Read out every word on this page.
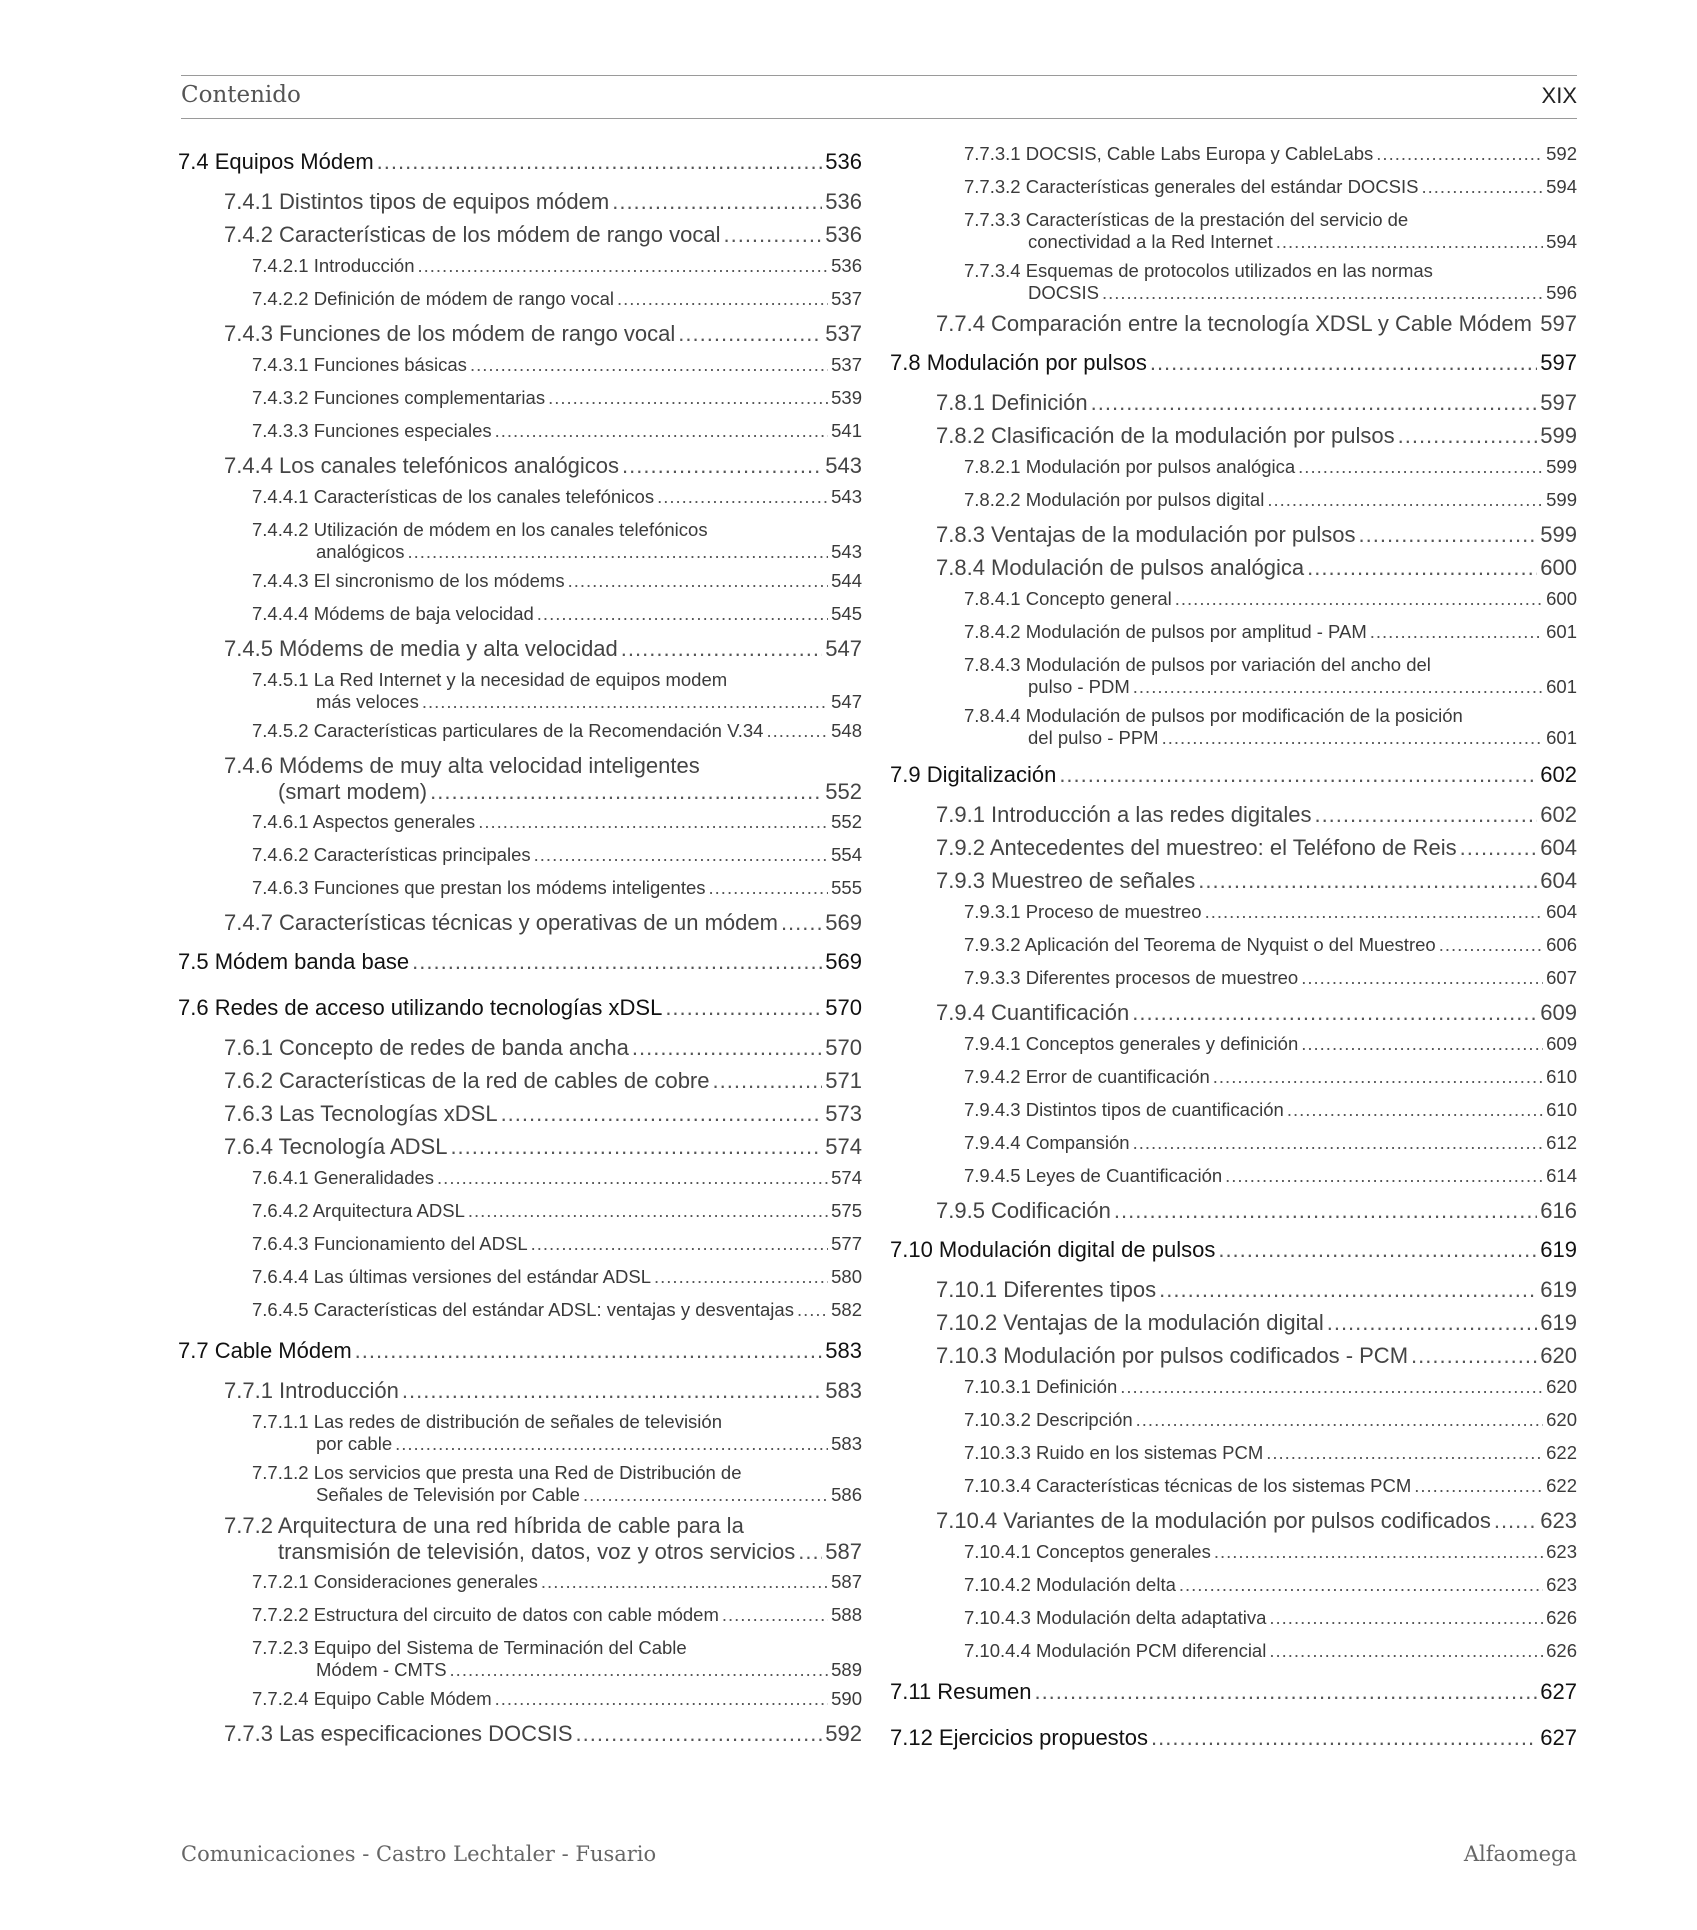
Contenido	XIX
7.4 Equipos Módem .....	536
7.4.1 Distintos tipos de equipos módem .....	536
7.4.2 Características de los módem de rango vocal .....	536
7.4.2.1 Introducción .....	536
7.4.2.2 Definición de módem de rango vocal .....	537
7.4.3 Funciones de los módem de rango vocal .....	537
7.4.3.1 Funciones básicas .....	537
7.4.3.2 Funciones complementarias .....	539
7.4.3.3 Funciones especiales .....	541
7.4.4 Los canales telefónicos analógicos .....	543
7.4.4.1 Características de los canales telefónicos .....	543
7.4.4.2 Utilización de módem en los canales telefónicos
analógicos .....	543
7.4.4.3 El sincronismo de los módems .....	544
7.4.4.4 Módems de baja velocidad .....	545
7.4.5 Módems de media y alta velocidad .....	547
7.4.5.1 La Red Internet y la necesidad de equipos modem
más veloces .....	547
7.4.5.2 Características particulares de la Recomendación V.34 .....	548
7.4.6 Módems de muy alta velocidad inteligentes
(smart modem) .....	552
7.4.6.1 Aspectos generales .....	552
7.4.6.2 Características principales .....	554
7.4.6.3 Funciones que prestan los módems inteligentes .....	555
7.4.7 Características técnicas y operativas de un módem ..... 569
7.5 Módem banda base .....	569
7.6 Redes de acceso utilizando tecnologías xDSL .....	570
7.6.1 Concepto de redes de banda ancha .....	570
7.6.2 Características de la red de cables de cobre .....	571
7.6.3 Las Tecnologías xDSL .....	573
7.6.4 Tecnología ADSL .....	574
7.6.4.1 Generalidades .....	574
7.6.4.2 Arquitectura ADSL .....	575
7.6.4.3 Funcionamiento del ADSL .....	577
7.6.4.4 Las últimas versiones del estándar ADSL .....	580
7.6.4.5 Características del estándar ADSL: ventajas y desventajas ..... 582
7.7 Cable Módem .....	583
7.7.1 Introducción .....	583
7.7.1.1 Las redes de distribución de señales de televisión
por cable .....	583
7.7.1.2 Los servicios que presta una Red de Distribución de
Señales de Televisión por Cable .....	586
7.7.2 Arquitectura de una red híbrida de cable para la
transmisión de televisión, datos, voz y otros servicios ..... 587
7.7.2.1 Consideraciones generales .....	587
7.7.2.2 Estructura del circuito de datos con cable módem .....	588
7.7.2.3 Equipo del Sistema de Terminación del Cable
Módem - CMTS .....	589
7.7.2.4 Equipo Cable Módem .....	590
7.7.3 Las especificaciones DOCSIS .....	592
7.7.3.1 DOCSIS, Cable Labs Europa y CableLabs .....	592
7.7.3.2 Características generales del estándar DOCSIS .....	594
7.7.3.3 Características de la prestación del servicio de
conectividad a la Red Internet .....	594
7.7.3.4 Esquemas de protocolos utilizados en las normas
DOCSIS .....	596
7.7.4 Comparación entre la tecnología XDSL y Cable Módem ..... 597
7.8 Modulación por pulsos .....	597
7.8.1 Definición .....	597
7.8.2 Clasificación de la modulación por pulsos .....	599
7.8.2.1 Modulación por pulsos analógica .....	599
7.8.2.2 Modulación por pulsos digital .....	599
7.8.3 Ventajas de la modulación por pulsos .....	599
7.8.4 Modulación de pulsos analógica .....	600
7.8.4.1 Concepto general .....	600
7.8.4.2 Modulación de pulsos por amplitud - PAM .....	601
7.8.4.3 Modulación de pulsos por variación del ancho del
pulso - PDM .....	601
7.8.4.4 Modulación de pulsos por modificación de la posición
del pulso - PPM .....	601
7.9 Digitalización .....	602
7.9.1 Introducción a las redes digitales .....	602
7.9.2 Antecedentes del muestreo: el Teléfono de Reis .....	604
7.9.3 Muestreo de señales .....	604
7.9.3.1 Proceso de muestreo .....	604
7.9.3.2 Aplicación del Teorema de Nyquist o del Muestreo .....	606
7.9.3.3 Diferentes procesos de muestreo .....	607
7.9.4 Cuantificación .....	609
7.9.4.1 Conceptos generales y definición .....	609
7.9.4.2 Error de cuantificación .....	610
7.9.4.3 Distintos tipos de cuantificación .....	610
7.9.4.4 Compansión .....	612
7.9.4.5 Leyes de Cuantificación .....	614
7.9.5 Codificación .....	616
7.10 Modulación digital de pulsos .....	619
7.10.1 Diferentes tipos .....	619
7.10.2 Ventajas de la modulación digital .....	619
7.10.3 Modulación por pulsos codificados - PCM .....	620
7.10.3.1 Definición .....	620
7.10.3.2 Descripción .....	620
7.10.3.3 Ruido en los sistemas PCM .....	622
7.10.3.4 Características técnicas de los sistemas PCM .....	622
7.10.4 Variantes de la modulación por pulsos codificados ..... 623
7.10.4.1 Conceptos generales .....	623
7.10.4.2 Modulación delta .....	623
7.10.4.3 Modulación delta adaptativa .....	626
7.10.4.4 Modulación PCM diferencial .....	626
7.11 Resumen .....	627
7.12 Ejercicios propuestos .....	627
Comunicaciones - Castro Lechtaler - Fusario	Alfaomega
